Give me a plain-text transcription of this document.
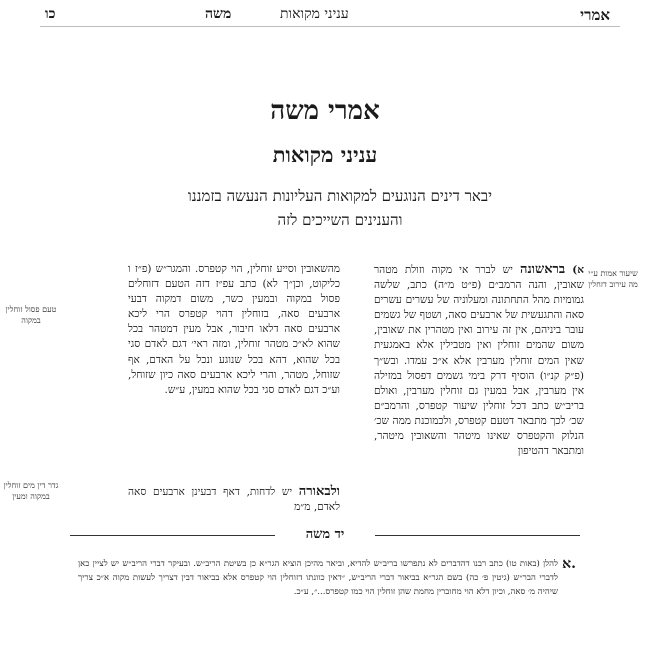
אמרי
עניני מקואות
משה
כו
אמרי משה
עניני מקואות
יבאר דינים הנוגעים למקואות העליונות הנעשה בזמננו
והענינים השייכים לזה
שיעור אמות ע״י מה עירוב דזחלין
טעם פסול זוחלין במקוה
גדר דין מים זוחלין במקוה ומעין
א) בראשונה יש לברר אי מקוה וזולת מטהר שאובין, והנה הרמב״ם (פ״ט מ״ה) כתב, שלשה גמומיות מהל התחתונה ומעלוניה של עשרים עשרים סאה והתגעשית של ארבעים סאה, ושטף של גשמים עובר ביניהם, אין זה עירוב ואין מטהרין את שאובין, משום שהמים זוחלין ואין מטבילין אלא באמגעית שאין המים זוחלין מערבין אלא א״כ עמדו. ובש״ך (פ״ק קנ״ו) הוסיף דרק בימי גשמים דפסול במזילה אין מערבין, אבל במעין גם זוחלין מערבין, ואולם בריב״ש כתב דכל זוחלין שיעור קטפרס, והרמב״ם שכ׳ לכך מתבאר דטעם קטפרס, ולכמוכנת ממה שכ׳ הנלוק והקטפרס שאינו מיטהר והשאובין מיטהר, ומתבאר דהטיפון
מהשאובין וסייע זוחלין, הוי קטפרס. והמגר״ש (פ״ז ו כליקוט, וכן״ך לא) כתב עפ״ז דזה הטעם דזוחלים פסול במקוה ובמעין כשר, משום דמקוה דבעי ארבעים סאה, בזוחלין דהוי קטפרס הרי ליכא ארבעים סאה דלאו חיבור, אבל מעין דמטהר בכל שהוא לא״כ מטהר זוחלין, ומזה ראי׳ דגם לאדם סגי בכל שהוא, דהא בכל שנוגע ונכל על האדם, אף שזוחל, מטהר, והרי ליכא ארבעים סאה כיון שזוחל, וע״כ דגם לאדם סגי בכל שהוא במעין, ע״ש.
ולבאורה יש לדחות, דאף דבעינן ארבעים סאה לאדם, מ״מ
יד משה
א.
להלן (באות טו) כתב רבנו דהדברים לא נתפרשו בריב״ש להדיא, וביאר מהיכן הוציא הגר״א כן בשיטת הריב״ש. ובעיקר דברי הריב״ש יש לציין כאן לדברי הבר״ש (גיטין פ׳ כה) בשם הגר״א בביאור דברי הריב״ש, ״דאין כוונתו דזוחלין הוי קטפרס אלא בביאור דבין דצריך לעשות מקוה א״כ צריך שיהיה מ׳ סאה, וכיון דלא הוי מחוברין מחמת שהן זוחלין הוי כמו קטפרס...״, ע״כ.
